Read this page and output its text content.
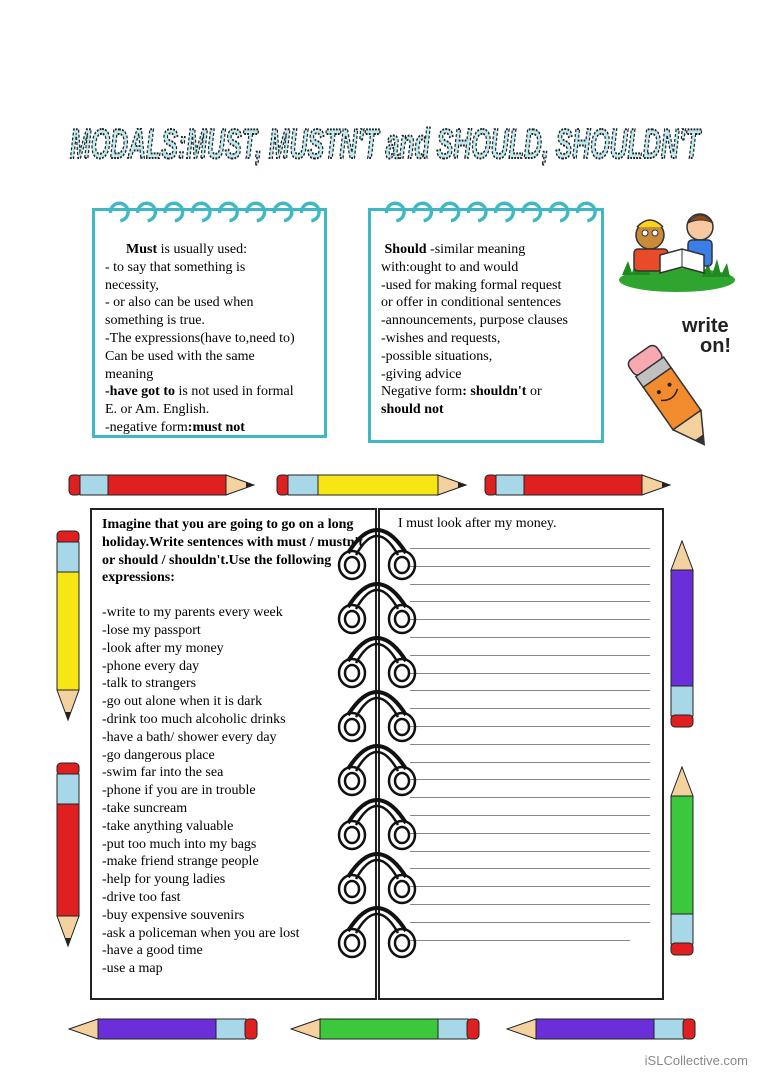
MODALS:MUST, MUSTN'T and SHOULD, SHOULDN'T
Must is usually used:
- to say that something is
necessity,
- or also can be used when
something is true.
-The expressions(have to,need to)
Can be used with the same
meaning
-have got to is not used in formal
E. or Am. English.
-negative form:must not
Should -similar meaning
with:ought to and would
-used for making formal request
or offer in conditional sentences
-announcements, purpose clauses
-wishes and requests,
-possible situations,
-giving advice
Negative form: shouldn't or
should not
write
on!
Imagine that you are going to go on a long holiday.Write sentences with must / mustn't or should / shouldn't.Use the following expressions:
-write to my parents every week
-lose my passport
-look after my money
-phone every day
-talk to strangers
-go out alone when it is dark
-drink too much alcoholic drinks
-have a bath/ shower every day
-go dangerous place
-swim far into the sea
-phone if you are in trouble
-take suncream
-take anything valuable
-put too much into my bags
-make friend strange people
-help for young ladies
-drive too fast
-buy expensive souvenirs
-ask a policeman when you are lost
-have a good time
-use a map
I must look after my money.
iSLCollective.com
